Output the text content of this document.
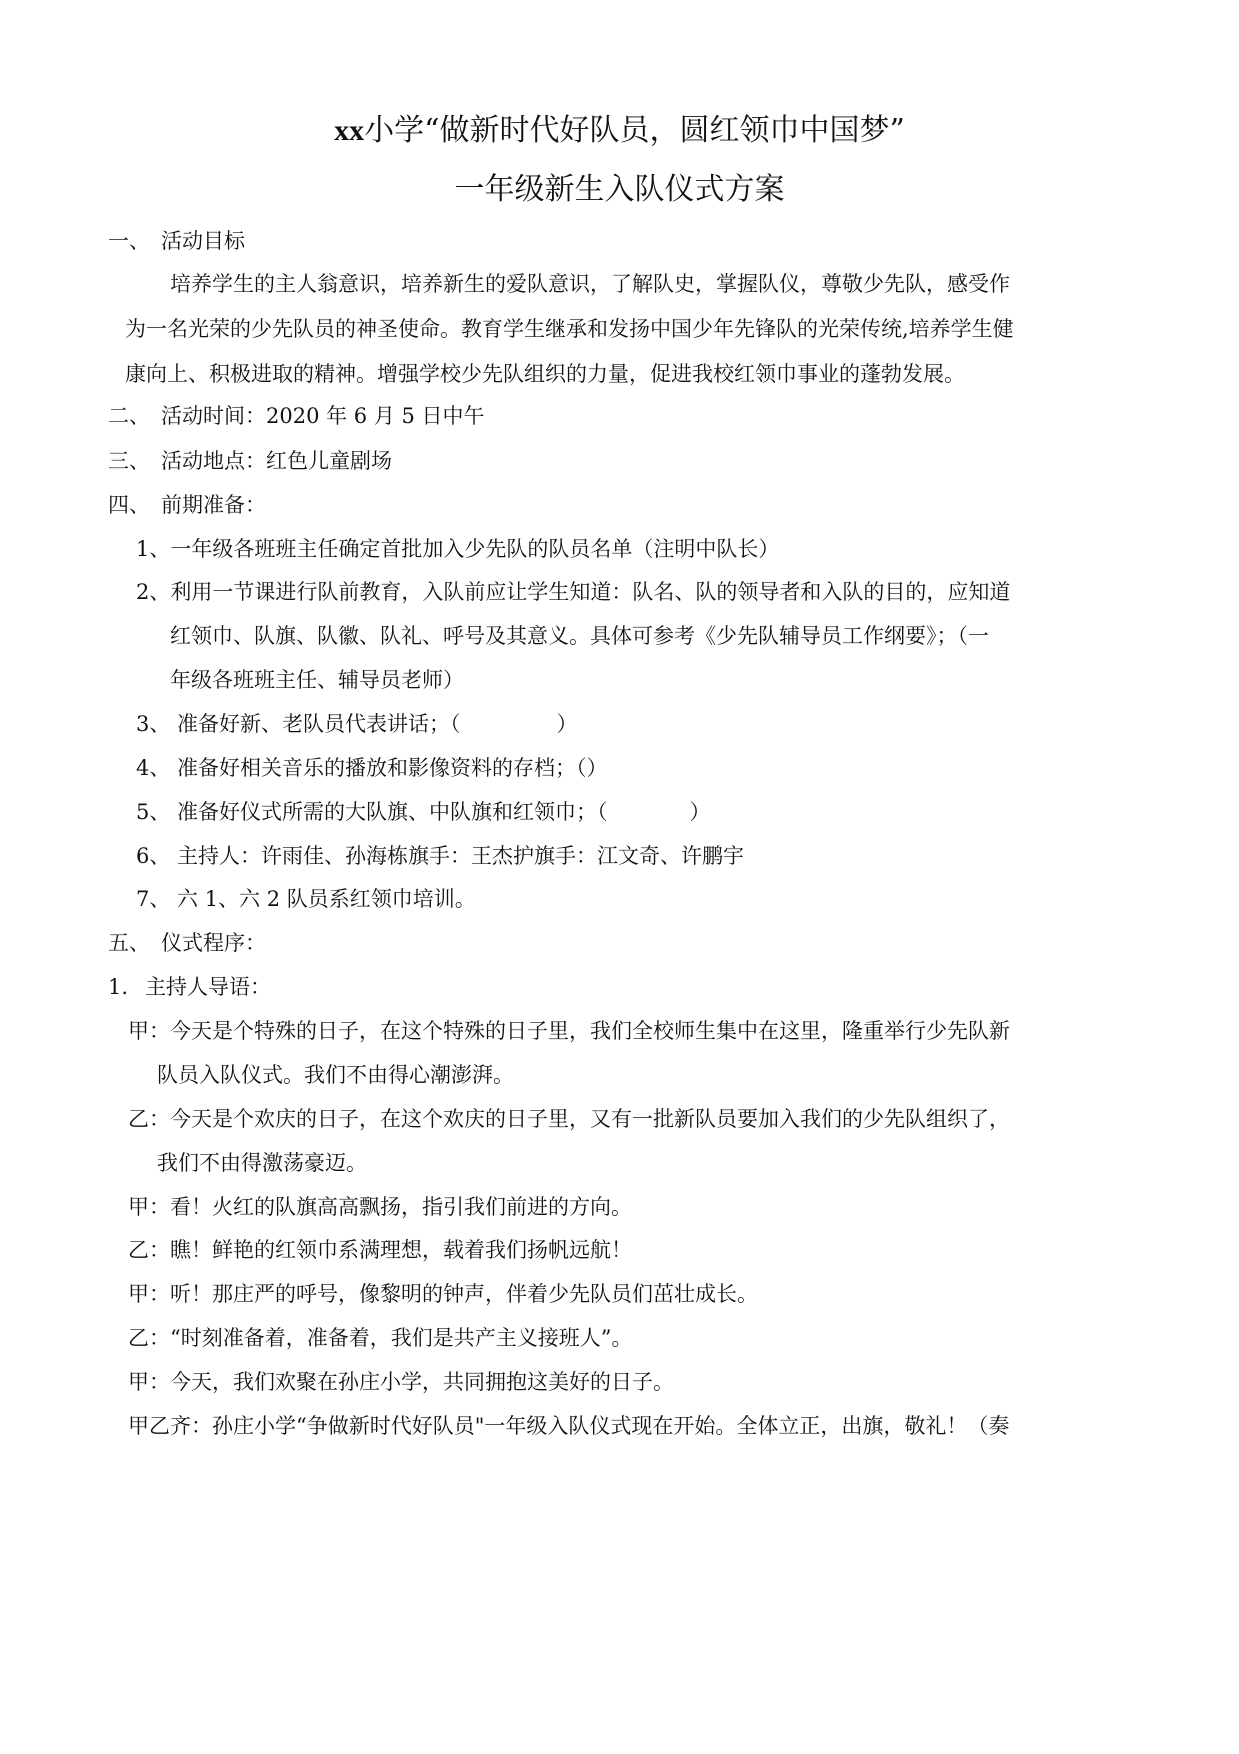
xx小学“做新时代好队员，圆红领巾中国梦”
一年级新生入队仪式方案
一、 活动目标
培养学生的主人翁意识，培养新生的爱队意识，了解队史，掌握队仪，尊敬少先队，感受作
为一名光荣的少先队员的神圣使命。教育学生继承和发扬中国少年先锋队的光荣传统,培养学生健
康向上、积极进取的精神。增强学校少先队组织的力量，促进我校红领巾事业的蓬勃发展。
二、 活动时间：2020 年 6 月 5 日中午
三、 活动地点：红色儿童剧场
四、 前期准备：
1、一年级各班班主任确定首批加入少先队的队员名单（注明中队长）
2、利用一节课进行队前教育，入队前应让学生知道：队名、队的领导者和入队的目的，应知道
红领巾、队旗、队徽、队礼、呼号及其意义。具体可参考《少先队辅导员工作纲要》；（一
年级各班班主任、辅导员老师）
3、 准备好新、老队员代表讲话；（	）
4、 准备好相关音乐的播放和影像资料的存档；（）
5、 准备好仪式所需的大队旗、中队旗和红领巾；（	）
6、 主持人：许雨佳、孙海栋旗手：王杰护旗手：江文奇、许鹏宇
7、 六 1、六 2 队员系红领巾培训。
五、 仪式程序：
1. 主持人导语：
甲：今天是个特殊的日子，在这个特殊的日子里，我们全校师生集中在这里，隆重举行少先队新
队员入队仪式。我们不由得心潮澎湃。
乙：今天是个欢庆的日子，在这个欢庆的日子里，又有一批新队员要加入我们的少先队组织了，
我们不由得激荡豪迈。
甲：看！火红的队旗高高飘扬，指引我们前进的方向。
乙：瞧！鲜艳的红领巾系满理想，载着我们扬帆远航！
甲：听！那庄严的呼号，像黎明的钟声，伴着少先队员们茁壮成长。
乙：“时刻准备着，准备着，我们是共产主义接班人”。
甲：今天，我们欢聚在孙庄小学，共同拥抱这美好的日子。
甲乙齐：孙庄小学“争做新时代好队员"一年级入队仪式现在开始。全体立正，出旗，敬礼！（奏
